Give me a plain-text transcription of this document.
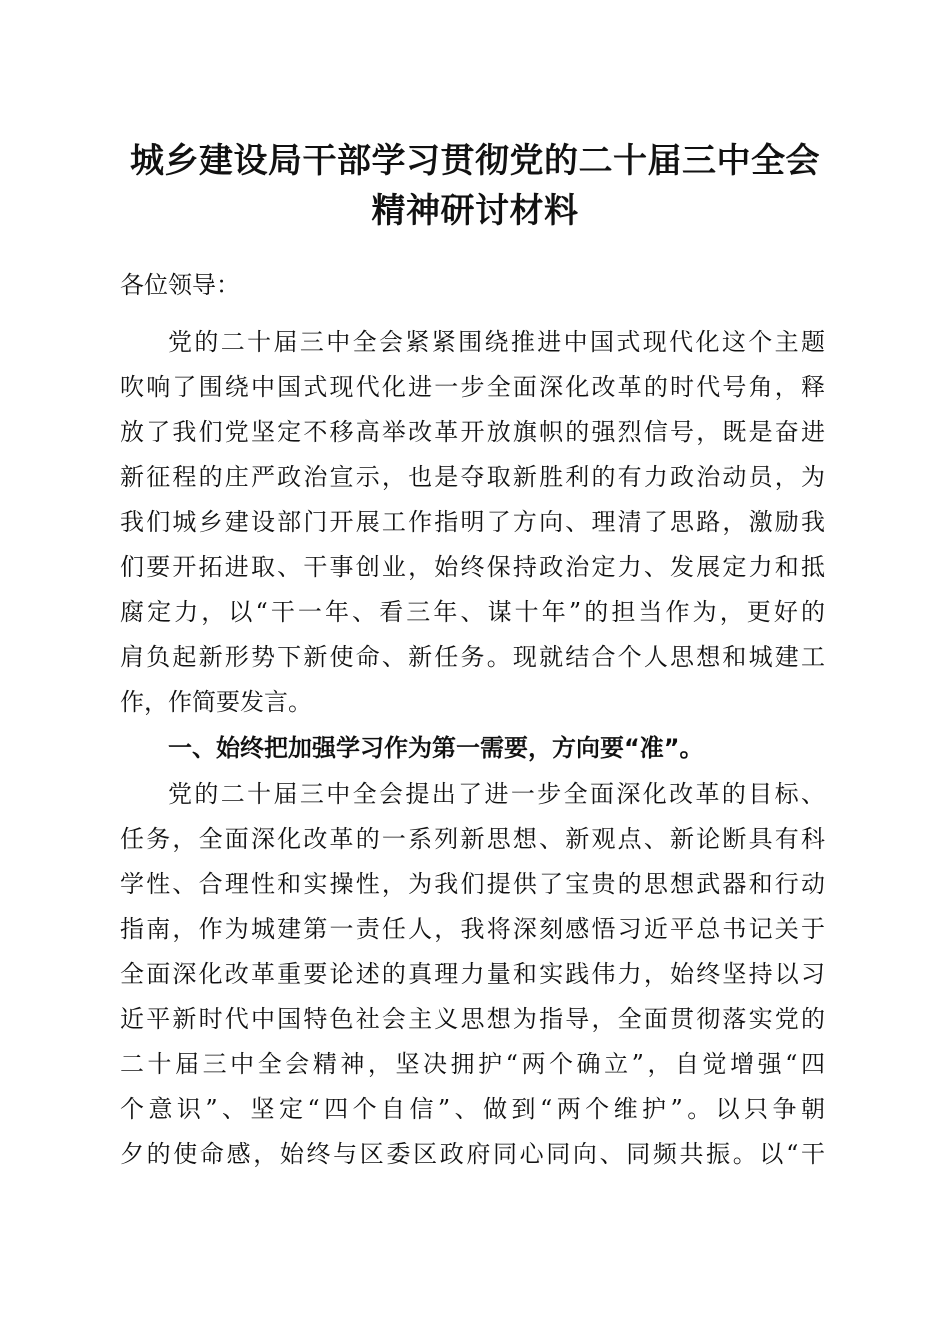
城乡建设局干部学习贯彻党的二十届三中全会
精神研讨材料

各位领导：

党的二十届三中全会紧紧围绕推进中国式现代化这个主题

吹响了围绕中国式现代化进一步全面深化改革的时代号角，释

放了我们党坚定不移高举改革开放旗帜的强烈信号，既是奋进

新征程的庄严政治宣示，也是夺取新胜利的有力政治动员，为

我们城乡建设部门开展工作指明了方向、理清了思路，激励我

们要开拓进取、干事创业，始终保持政治定力、发展定力和抵

腐定力，以“干一年、看三年、谋十年”的担当作为，更好的

肩负起新形势下新使命、新任务。现就结合个人思想和城建工

作，作简要发言。

一、始终把加强学习作为第一需要，方向要“准”。

党的二十届三中全会提出了进一步全面深化改革的目标、

任务，全面深化改革的一系列新思想、新观点、新论断具有科

学性、合理性和实操性，为我们提供了宝贵的思想武器和行动

指南，作为城建第一责任人，我将深刻感悟习近平总书记关于

全面深化改革重要论述的真理力量和实践伟力，始终坚持以习

近平新时代中国特色社会主义思想为指导，全面贯彻落实党的

二十届三中全会精神，坚决拥护“两个确立”，自觉增强“四

个意识”、坚定“四个自信”、做到“两个维护”。以只争朝

夕的使命感，始终与区委区政府同心同向、同频共振。以“干
